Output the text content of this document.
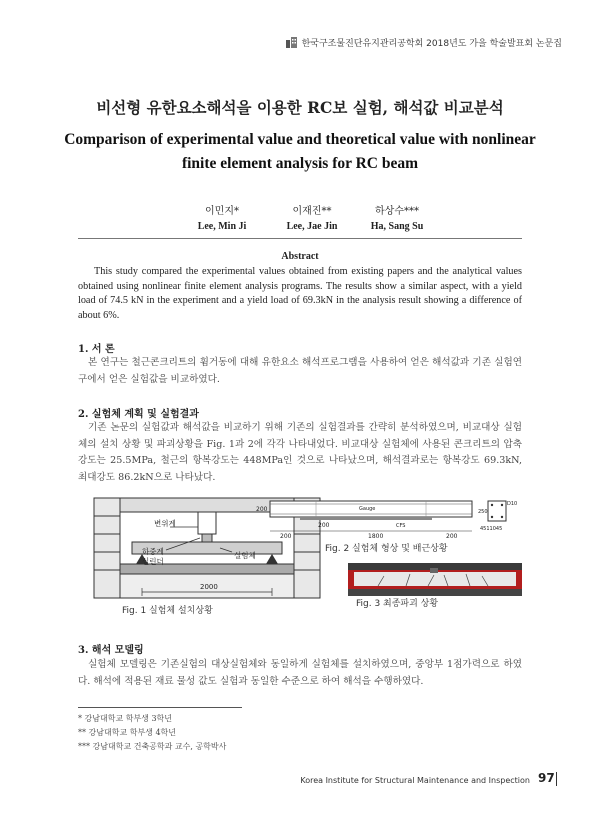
한국구조물진단유지관리공학회 2018년도 가을 학술발표회 논문집
비선형 유한요소해석을 이용한 RC보 실험, 해석값 비교분석
Comparison of experimental value and theoretical value with nonlinear
finite element analysis for RC beam
이민지*
Lee, Min Ji
이재진**
Lee, Jae Jin
하상수***
Ha, Sang Su
Abstract
This study compared the experimental values obtained from existing papers and the analytical values obtained using nonlinear finite element analysis programs. The results show a similar aspect, with a yield load of 74.5 kN in the experiment and a yield load of 69.3kN in the analysis result showing a difference of about 6%.
1. 서 론
본 연구는 철근콘크리트의 휨거동에 대해 유한요소 해석프로그램을 사용하여 얻은 해석값과 기존 실험연구에서 얻은 실험값을 비교하였다.
2. 실험체 계획 및 실험결과
기존 논문의 실험값과 해석값을 비교하기 위해 기존의 실험결과를 간략히 분석하였으며, 비교대상 실험체의 설치 상황 및 파괴상황을 Fig. 1과 2에 각각 나타내었다. 비교대상 실험체에 사용된 콘크리트의 압축강도는 25.5MPa, 철근의 항복강도는 448MPa인 것으로 나타났으며, 해석결과로는 항복강도 69.3kN, 최대강도 86.2kN으로 나타났다.
변위계
하중계
실린더
실험체
2000
Fig. 1 실험체 설치상황
200	Gauge
CFS
200
200
1800	200
250
D10
4511045
Fig. 2 실험체 형상 및 배근상황
Fig. 3 최종파괴 상황
3. 해석 모델링
실험체 모델링은 기존실험의 대상실험체와 동일하게 실험체를 설치하였으며, 중앙부 1점가력으로 하였다. 해석에 적용된 재료 물성 값도 실험과 동일한 수준으로 하여 해석을 수행하였다.
* 강남대학교 학부생 3학년
** 강남대학교 학부생 4학년
*** 강남대학교 건축공학과 교수, 공학박사
Korea Institute for Structural Maintenance and Inspection 97
